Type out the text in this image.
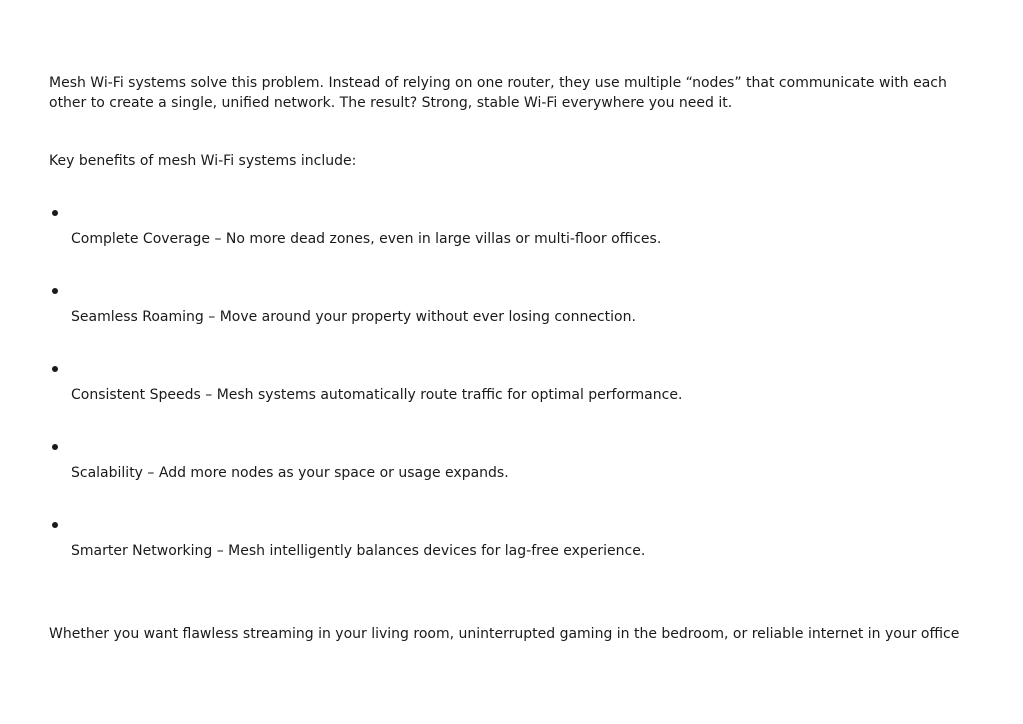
Mesh Wi-Fi systems solve this problem. Instead of relying on one router, they use multiple “nodes” that communicate with each other to create a single, unified network. The result? Strong, stable Wi-Fi everywhere you need it.

Key benefits of mesh Wi-Fi systems include:

Complete Coverage – No more dead zones, even in large villas or multi-floor offices.
Seamless Roaming – Move around your property without ever losing connection.
Consistent Speeds – Mesh systems automatically route traffic for optimal performance.
Scalability – Add more nodes as your space or usage expands.
Smarter Networking – Mesh intelligently balances devices for lag-free experience.

Whether you want flawless streaming in your living room, uninterrupted gaming in the bedroom, or reliable internet in your office
